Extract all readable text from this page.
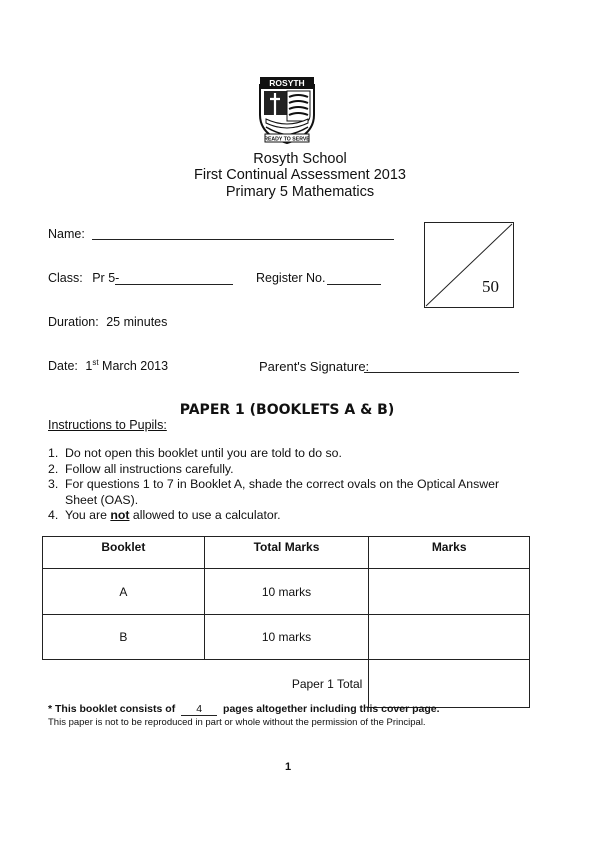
ROSYTH
READY TO SERVE
Rosyth School
First Continual Assessment 2013
Primary 5 Mathematics
Name:
Class: Pr 5-	Register No.	50
Duration: 25 minutes
Date: 1st March 2013	Parent's Signature:
PAPER 1 (BOOKLETS A & B)
Instructions to Pupils:
1. Do not open this booklet until you are told to do so.
2. Follow all instructions carefully.
3. For questions 1 to 7 in Booklet A, shade the correct ovals on the Optical Answer Sheet (OAS).
4. You are not allowed to use a calculator.
Booklet	Total Marks	Marks
A	10 marks	
B	10 marks	
Paper 1 Total		
* This booklet consists of 4 pages altogether including this cover page.
This paper is not to be reproduced in part or whole without the permission of the Principal.
1
